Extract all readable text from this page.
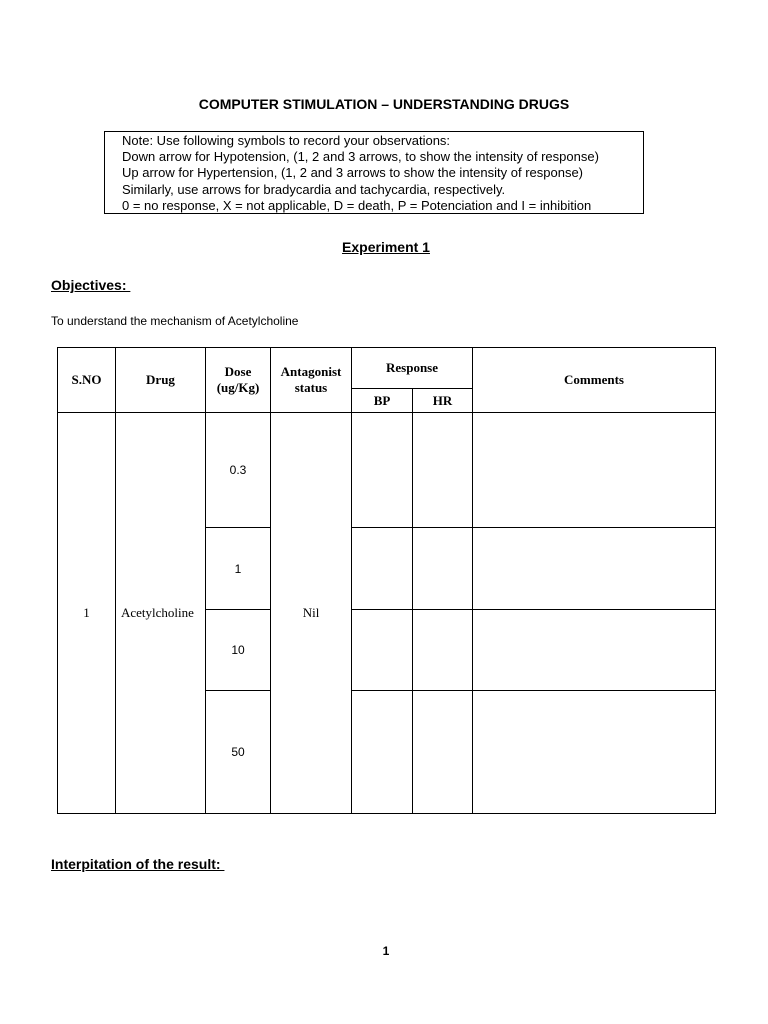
COMPUTER STIMULATION – UNDERSTANDING DRUGS
Note: Use following symbols to record your observations:
Down arrow for Hypotension, (1, 2 and 3 arrows, to show the intensity of response)
Up arrow for Hypertension, (1, 2 and 3 arrows to show the intensity of response)
Similarly, use arrows for bradycardia and tachycardia, respectively.
0 = no response, X = not applicable, D = death, P = Potenciation and I = inhibition
Experiment 1
Objectives:
To understand the mechanism of Acetylcholine
S.NO	Drug	Dose (ug/Kg)	Antagonist status	Response		Comments
				BP	HR	
1	Acetylcholine	0.3	Nil			
		1				
		10				
		50				
Interpitation of the result:
1
